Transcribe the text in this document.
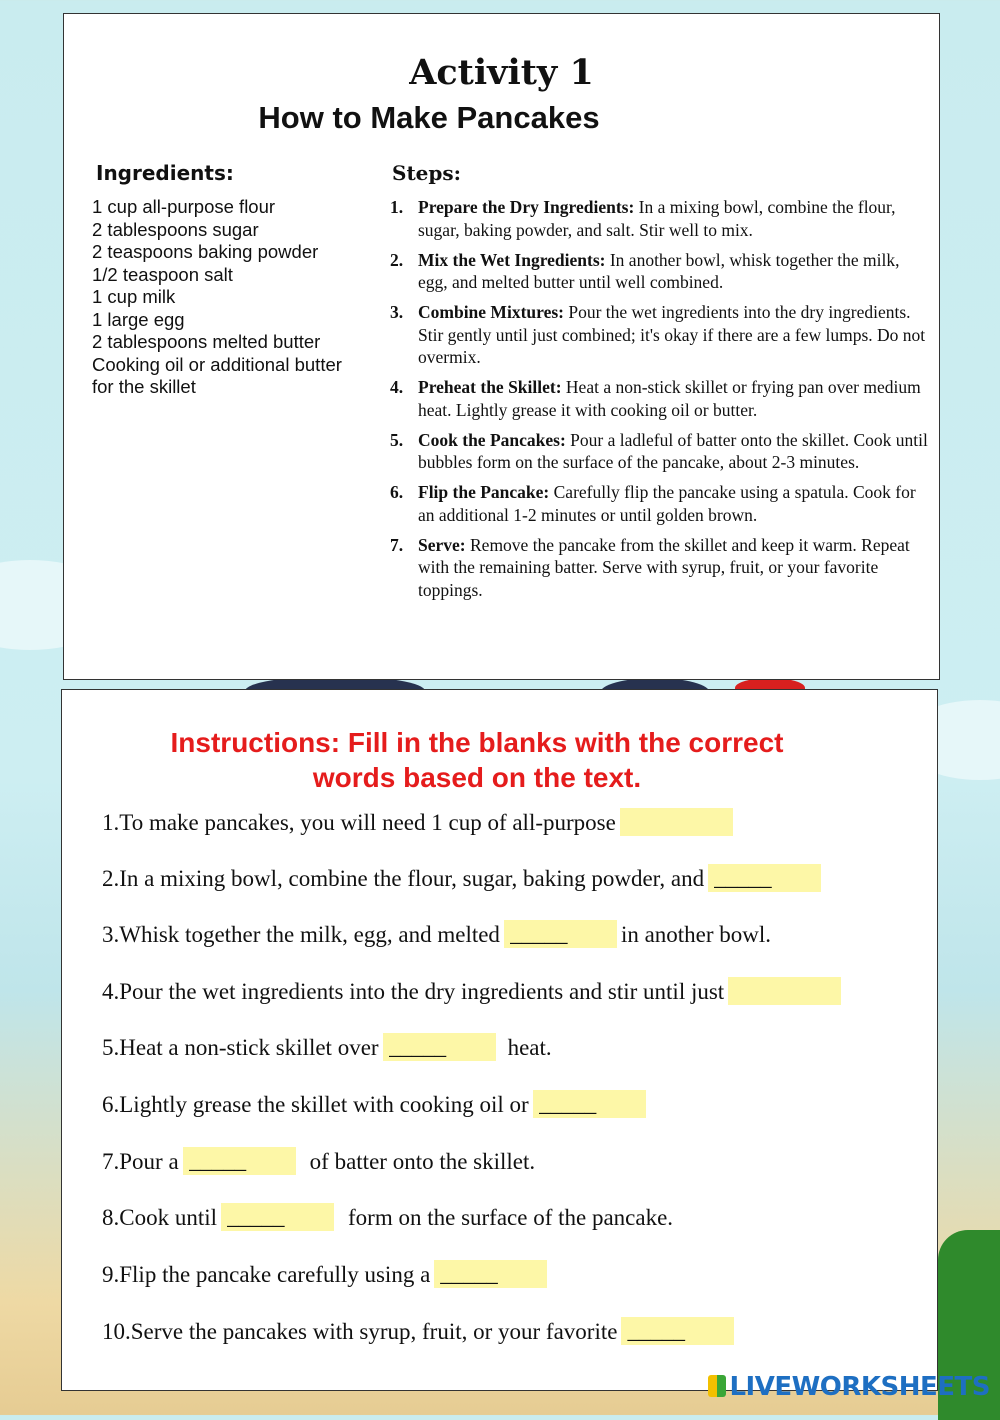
Activity 1
How to Make Pancakes
Ingredients:
1 cup all-purpose flour
2 tablespoons sugar
2 teaspoons baking powder
1/2 teaspoon salt
1 cup milk
1 large egg
2 tablespoons melted butter
Cooking oil or additional butter for the skillet
Steps:
1. Prepare the Dry Ingredients: In a mixing bowl, combine the flour, sugar, baking powder, and salt. Stir well to mix.
2. Mix the Wet Ingredients: In another bowl, whisk together the milk, egg, and melted butter until well combined.
3. Combine Mixtures: Pour the wet ingredients into the dry ingredients. Stir gently until just combined; it's okay if there are a few lumps. Do not overmix.
4. Preheat the Skillet: Heat a non-stick skillet or frying pan over medium heat. Lightly grease it with cooking oil or butter.
5. Cook the Pancakes: Pour a ladleful of batter onto the skillet. Cook until bubbles form on the surface of the pancake, about 2-3 minutes.
6. Flip the Pancake: Carefully flip the pancake using a spatula. Cook for an additional 1-2 minutes or until golden brown.
7. Serve: Remove the pancake from the skillet and keep it warm. Repeat with the remaining batter. Serve with syrup, fruit, or your favorite toppings.
Instructions: Fill in the blanks with the correct
words based on the text.
1.To make pancakes, you will need 1 cup of all-purpose
2.In a mixing bowl, combine the flour, sugar, baking powder, and
_____
3.Whisk together the milk, egg, and melted
_____	in another bowl.
4.Pour the wet ingredients into the dry ingredients and stir until just
5.Heat a non-stick skillet over
_____	heat.
6.Lightly grease the skillet with cooking oil or
_____
7.Pour a
_____	of batter onto the skillet.
8.Cook until
_____	form on the surface of the pancake.
9.Flip the pancake carefully using a
_____
10.Serve the pancakes with syrup, fruit, or your favorite
_____
LIVEWORKSHEETS
